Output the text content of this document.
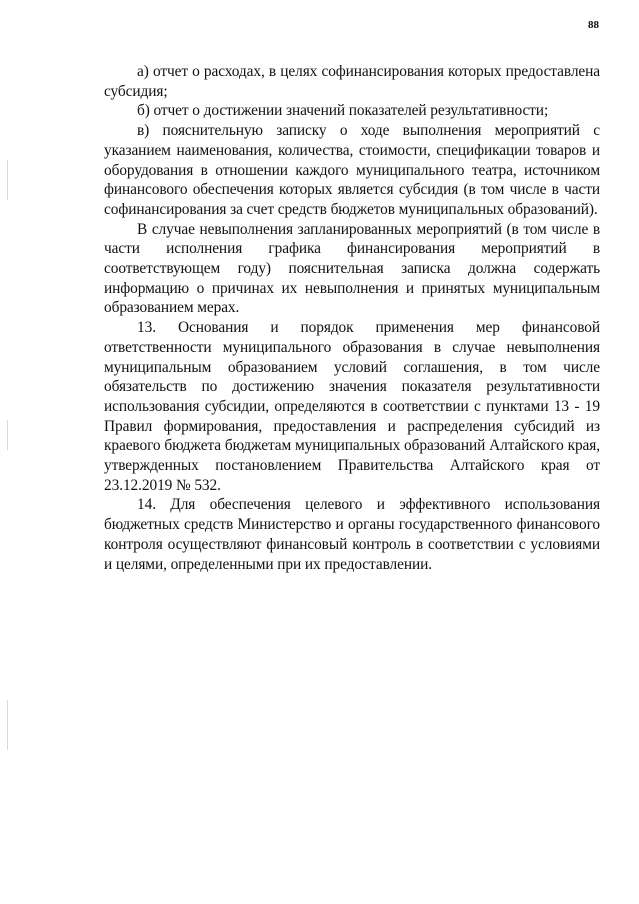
88

а) отчет о расходах, в целях софинансирования которых предоставлена субсидия;

б) отчет о достижении значений показателей результативности;

в) пояснительную записку о ходе выполнения мероприятий с указанием наименования, количества, стоимости, спецификации товаров и оборудования в отношении каждого муниципального театра, источником финансового обеспечения которых является субсидия (в том числе в части софинансирования за счет средств бюджетов муниципальных образований).

В случае невыполнения запланированных мероприятий (в том числе в части исполнения графика финансирования мероприятий в соответствующем году) пояснительная записка должна содержать информацию о причинах их невыполнения и принятых муниципальным образованием мерах.

13. Основания и порядок применения мер финансовой ответственности муниципального образования в случае невыполнения муниципальным образованием условий соглашения, в том числе обязательств по достижению значения показателя результативности использования субсидии, определяются в соответствии с пунктами 13 - 19 Правил формирования, предоставления и распределения субсидий из краевого бюджета бюджетам муниципальных образований Алтайского края, утвержденных постановлением Правительства Алтайского края от 23.12.2019 № 532.

14. Для обеспечения целевого и эффективного использования бюджетных средств Министерство и органы государственного финансового контроля осуществляют финансовый контроль в соответствии с условиями и целями, определенными при их предоставлении.
